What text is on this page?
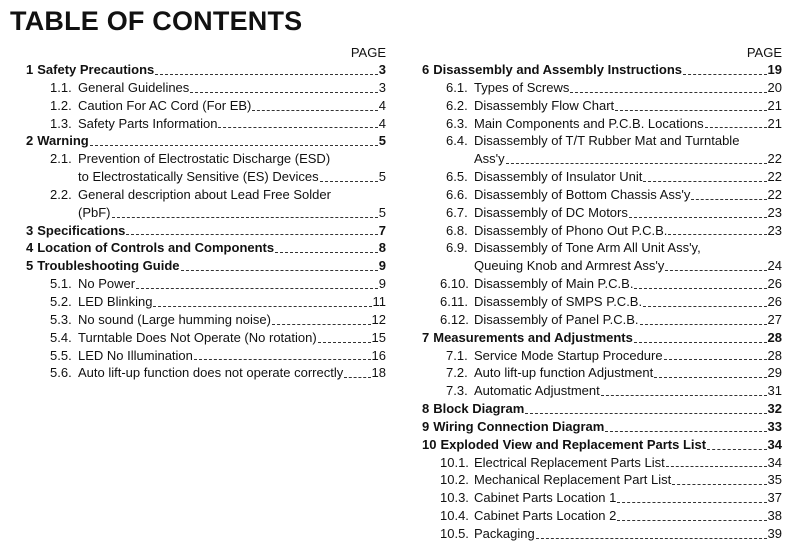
TABLE OF CONTENTS
PAGE
1 Safety Precautions	3
1.1. General Guidelines	3
1.2. Caution For AC Cord (For EB)	4
1.3. Safety Parts Information	4
2 Warning	5
2.1. Prevention of Electrostatic Discharge (ESD)
to Electrostatically Sensitive (ES) Devices	5
2.2. General description about Lead Free Solder
(PbF)	5
3 Specifications	7
4 Location of Controls and Components	8
5 Troubleshooting Guide	9
5.1. No Power	9
5.2. LED Blinking	11
5.3. No sound (Large humming noise)	12
5.4. Turntable Does Not Operate (No rotation)	15
5.5. LED No Illumination	16
5.6. Auto lift-up function does not operate correctly 18
PAGE
6 Disassembly and Assembly Instructions	19
6.1. Types of Screws	20
6.2. Disassembly Flow Chart	21
6.3. Main Components and P.C.B. Locations	21
6.4. Disassembly of T/T Rubber Mat and Turntable
Ass'y	22
6.5. Disassembly of Insulator Unit	22
6.6. Disassembly of Bottom Chassis Ass'y	22
6.7. Disassembly of DC Motors	23
6.8. Disassembly of Phono Out P.C.B.	23
6.9. Disassembly of Tone Arm All Unit Ass'y,
Queuing Knob and Armrest Ass'y	24
6.10. Disassembly of Main P.C.B.	26
6.11. Disassembly of SMPS P.C.B.	26
6.12. Disassembly of Panel P.C.B.	27
7 Measurements and Adjustments	28
7.1. Service Mode Startup Procedure	28
7.2. Auto lift-up function Adjustment	29
7.3. Automatic Adjustment	31
8 Block Diagram	32
9 Wiring Connection Diagram	33
10 Exploded View and Replacement Parts List	34
10.1. Electrical Replacement Parts List	34
10.2. Mechanical Replacement Part List	35
10.3. Cabinet Parts Location 1	37
10.4. Cabinet Parts Location 2	38
10.5. Packaging	39
